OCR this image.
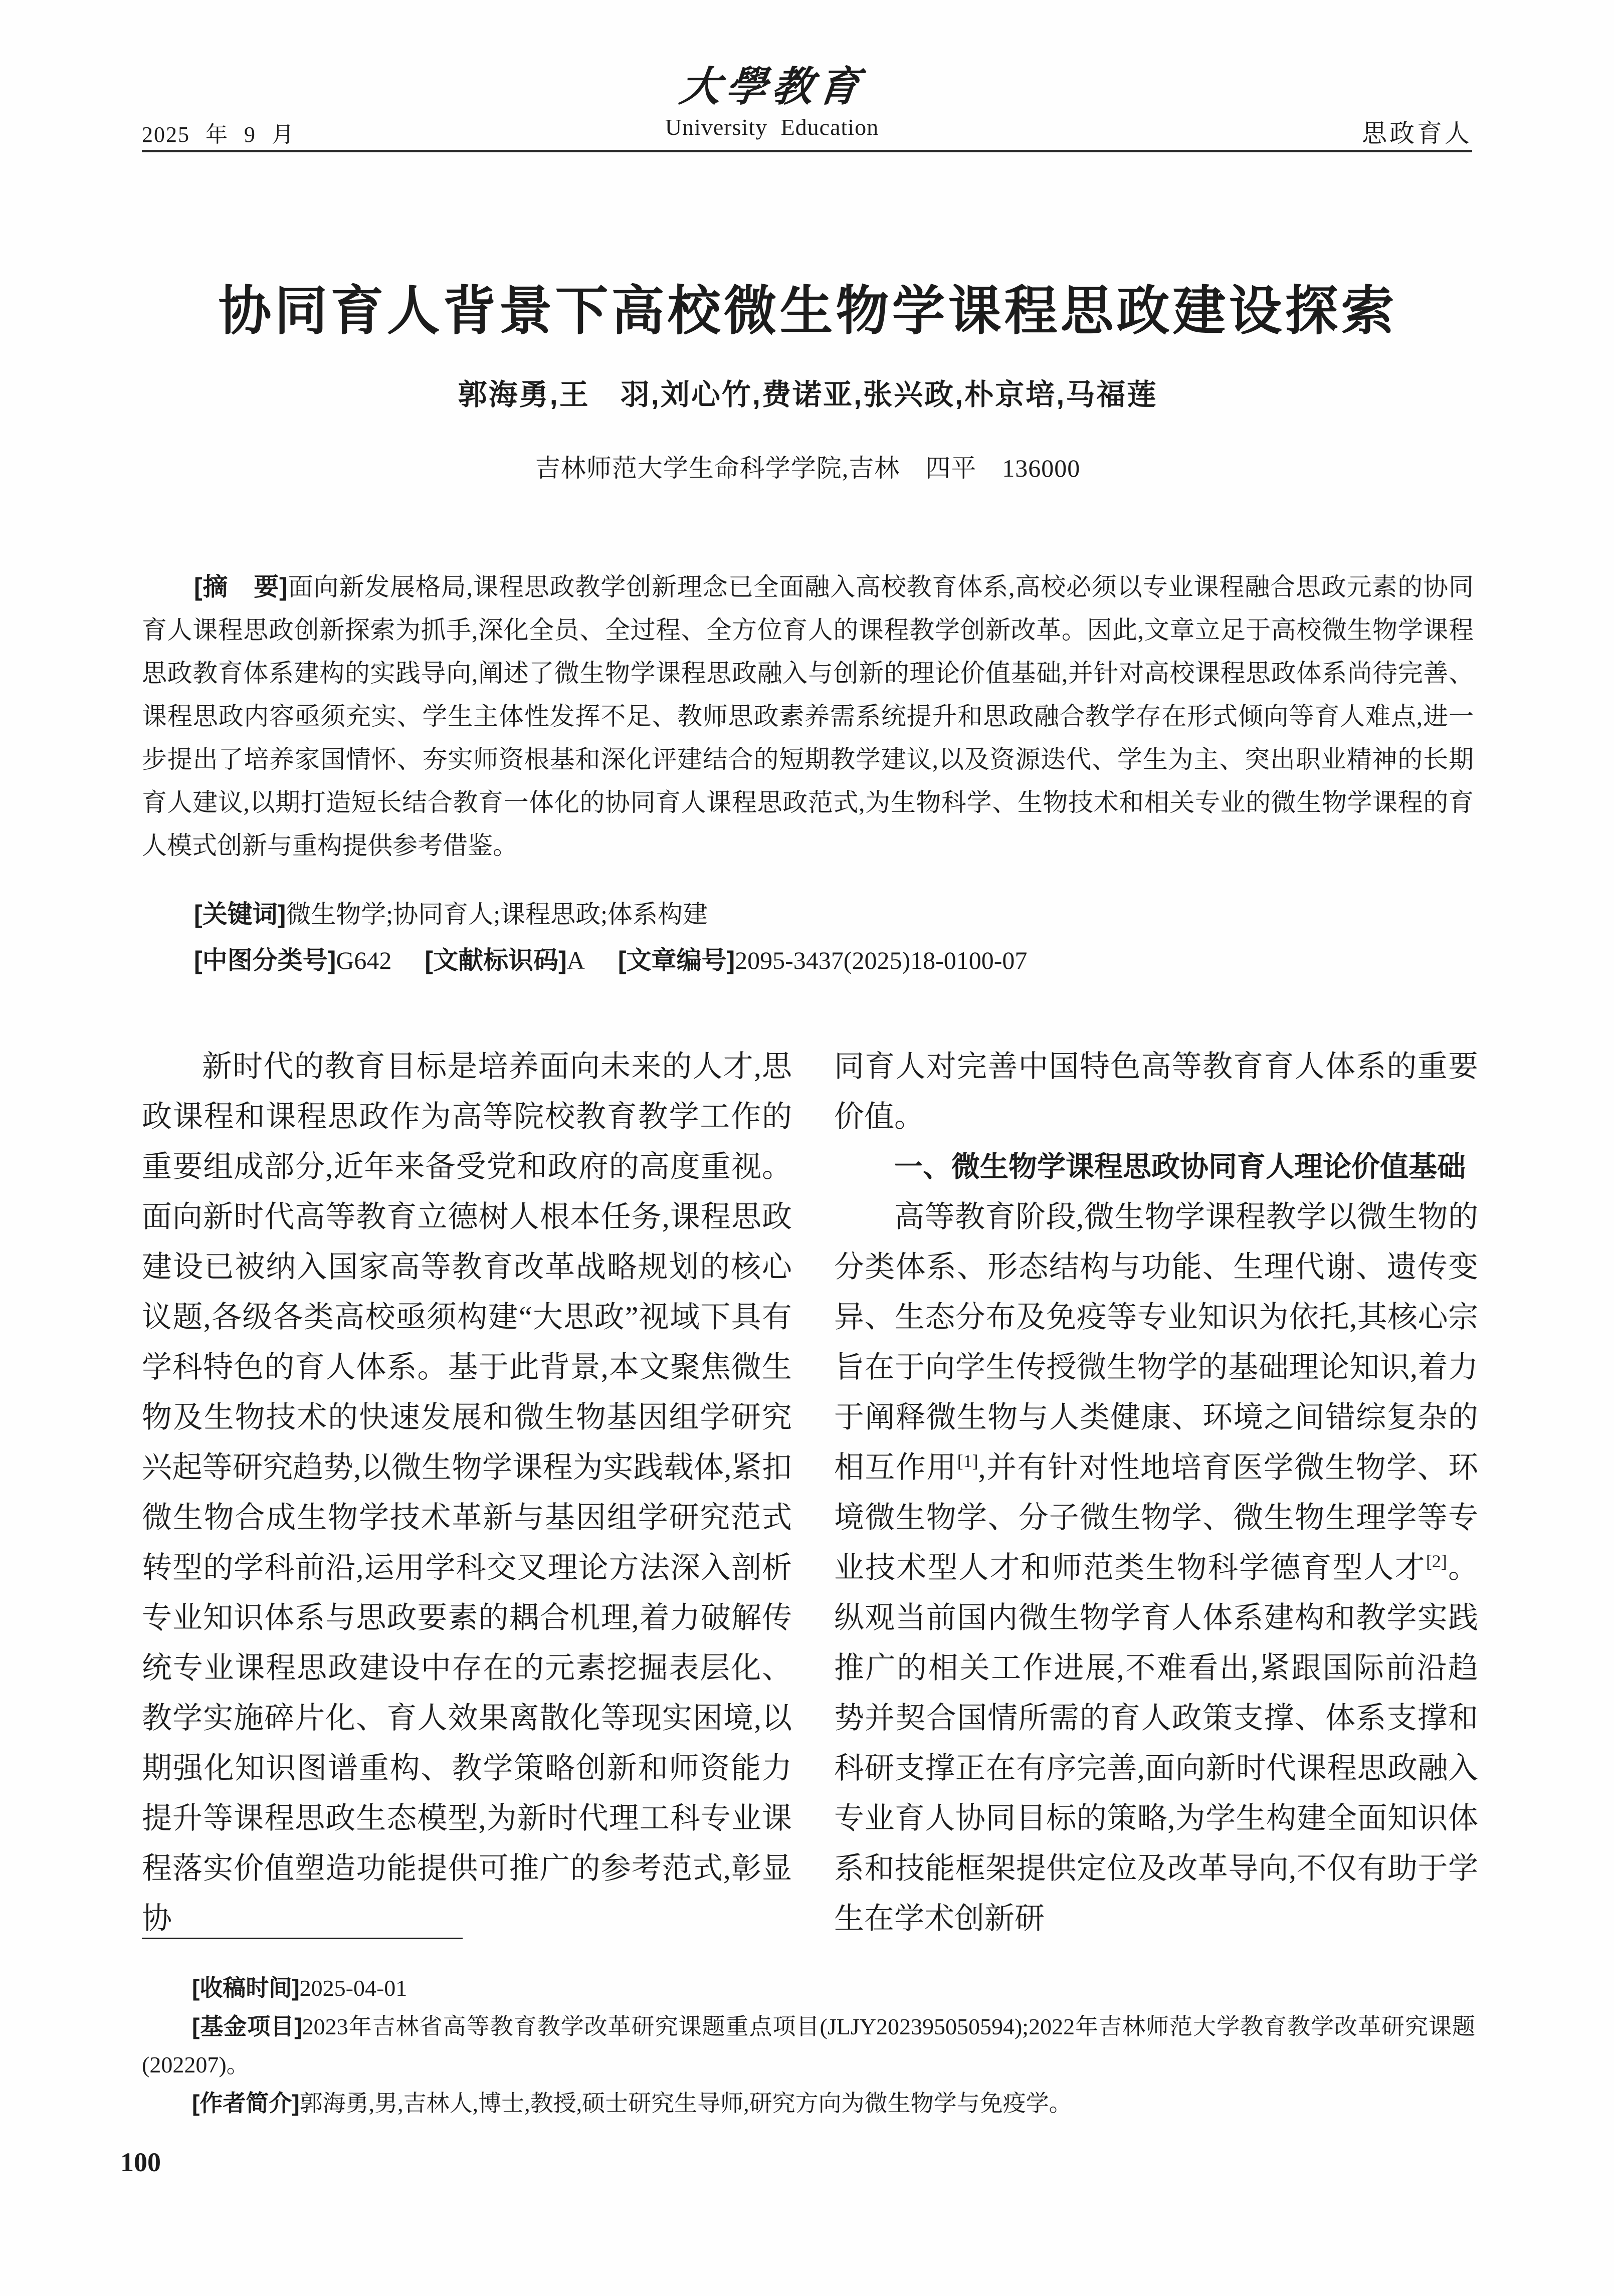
2025 年 9 月
大學教育
University Education	思政育人
协同育人背景下高校微生物学课程思政建设探索
郭海勇,王　羽,刘心竹,费诺亚,张兴政,朴京培,马福莲
吉林师范大学生命科学学院,吉林　四平　136000
[摘　要]面向新发展格局,课程思政教学创新理念已全面融入高校教育体系,高校必须以专业课程融合思政元素的协同育人课程思政创新探索为抓手,深化全员、全过程、全方位育人的课程教学创新改革。因此,文章立足于高校微生物学课程思政教育体系建构的实践导向,阐述了微生物学课程思政融入与创新的理论价值基础,并针对高校课程思政体系尚待完善、课程思政内容亟须充实、学生主体性发挥不足、教师思政素养需系统提升和思政融合教学存在形式倾向等育人难点,进一步提出了培养家国情怀、夯实师资根基和深化评建结合的短期教学建议,以及资源迭代、学生为主、突出职业精神的长期育人建议,以期打造短长结合教育一体化的协同育人课程思政范式,为生物科学、生物技术和相关专业的微生物学课程的育人模式创新与重构提供参考借鉴。
[关键词]微生物学;协同育人;课程思政;体系构建
[中图分类号]G642 [文献标识码]A [文章编号]2095-3437(2025)18-0100-07

新时代的教育目标是培养面向未来的人才,思政课程和课程思政作为高等院校教育教学工作的重要组成部分,近年来备受党和政府的高度重视。面向新时代高等教育立德树人根本任务,课程思政建设已被纳入国家高等教育改革战略规划的核心议题,各级各类高校亟须构建“大思政”视域下具有学科特色的育人体系。基于此背景,本文聚焦微生物及生物技术的快速发展和微生物基因组学研究兴起等研究趋势,以微生物学课程为实践载体,紧扣微生物合成生物学技术革新与基因组学研究范式转型的学科前沿,运用学科交叉理论方法深入剖析专业知识体系与思政要素的耦合机理,着力破解传统专业课程思政建设中存在的元素挖掘表层化、教学实施碎片化、育人效果离散化等现实困境,以期强化知识图谱重构、教学策略创新和师资能力提升等课程思政生态模型,为新时代理工科专业课程落实价值塑造功能提供可推广的参考范式,彰显协

同育人对完善中国特色高等教育育人体系的重要价值。

一、微生物学课程思政协同育人理论价值基础

高等教育阶段,微生物学课程教学以微生物的分类体系、形态结构与功能、生理代谢、遗传变异、生态分布及免疫等专业知识为依托,其核心宗旨在于向学生传授微生物学的基础理论知识,着力于阐释微生物与人类健康、环境之间错综复杂的相互作用[1],并有针对性地培育医学微生物学、环境微生物学、分子微生物学、微生物生理学等专业技术型人才和师范类生物科学德育型人才[2]。纵观当前国内微生物学育人体系建构和教学实践推广的相关工作进展,不难看出,紧跟国际前沿趋势并契合国情所需的育人政策支撑、体系支撑和科研支撑正在有序完善,面向新时代课程思政融入专业育人协同目标的策略,为学生构建全面知识体系和技能框架提供定位及改革导向,不仅有助于学生在学术创新研

[收稿时间]2025-04-01

[基金项目]2023年吉林省高等教育教学改革研究课题重点项目(JLJY202395050594);2022年吉林师范大学教育教学改革研究课题(202207)。

[作者简介]郭海勇,男,吉林人,博士,教授,硕士研究生导师,研究方向为微生物学与免疫学。

100
